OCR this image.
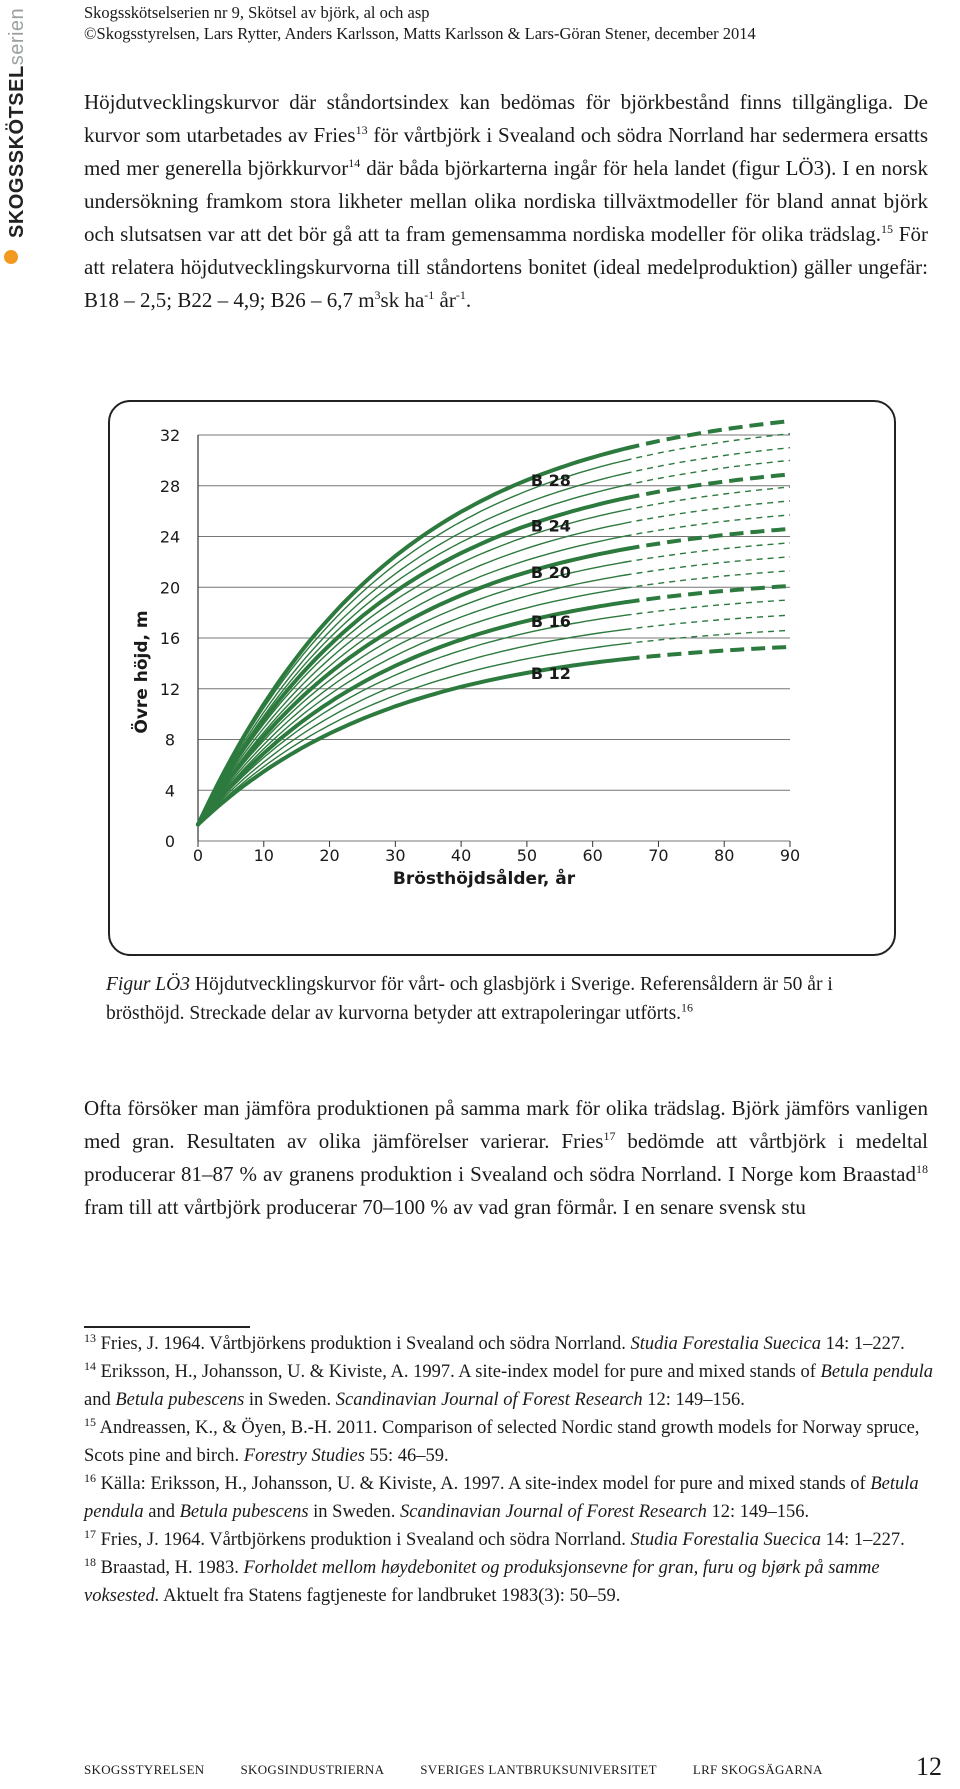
SKOGSSKÖTSELserien	Skogsskötselserien nr 9, Skötsel av björk, al och asp
©Skogsstyrelsen, Lars Rytter, Anders Karlsson, Matts Karlsson & Lars-Göran Stener, december 2014
Höjdutvecklingskurvor där ståndortsindex kan bedömas för björkbestånd finns tillgängliga. De kurvor som utarbetades av Fries$^{13}$ för vårtbjörk i Svealand och södra Norrland har sedermera ersatts med mer generella björkkurvor$^{14}$ där båda björkarterna ingår för hela landet (figur LÖ3). I en norsk undersökning framkom stora likheter mellan olika nordiska tillväxtmodeller för bland annat björk och slutsatsen var att det bör gå att ta fram gemensamma nordiska modeller för olika trädslag.$^{15}$ För att relatera höjdutvecklingskurvorna till ståndortens bonitet (ideal medelproduktion) gäller ungefär: B18 – 2,5; B22 – 4,9; B26 – 6,7 $m^3sk$ $ha^{-1}$ $år^{-1}$.
0
4
8
12
16
20
24
28
32
0	10	20	30	40	50	60	70	80	90
Brösthöjdsålder, år
Övre höjd, m	B 12
B 16
B 20
B 24
B 28
Figur LÖ3 Höjdutvecklingskurvor för vårt- och glasbjörk i Sverige. Referensåldern är 50 år i brösthöjd. Streckade delar av kurvorna betyder att extrapoleringar utförts.$^{16}$
Ofta försöker man jämföra produktionen på samma mark för olika trädslag. Björk jämförs vanligen med gran. Resultaten av olika jämförelser varierar. Fries$^{17}$ bedömde att vårtbjörk i medeltal producerar 81–87 % av granens produktion i Svealand och södra Norrland. I Norge kom Braastad$^{18}$ fram till att vårtbjörk producerar 70–100 % av vad gran förmår. I en senare svensk stu
$^{13}$ Fries, J. 1964. Vårtbjörkens produktion i Svealand och södra Norrland. Studia Forestalia Suecica 14: 1–227.
$^{14}$ Eriksson, H., Johansson, U. & Kiviste, A. 1997. A site-index model for pure and mixed stands of Betula pendula and Betula pubescens in Sweden. Scandinavian Journal of Forest Research 12: 149–156.
$^{15}$ Andreassen, K., & Öyen, B.-H. 2011. Comparison of selected Nordic stand growth models for Norway spruce, Scots pine and birch. Forestry Studies 55: 46–59.
$^{16}$ Källa: Eriksson, H., Johansson, U. & Kiviste, A. 1997. A site-index model for pure and mixed stands of Betula pendula and Betula pubescens in Sweden. Scandinavian Journal of Forest Research 12: 149–156.
$^{17}$ Fries, J. 1964. Vårtbjörkens produktion i Svealand och södra Norrland. Studia Forestalia Suecica 14: 1–227.
$^{18}$ Braastad, H. 1983. Forholdet mellom høydebonitet og produksjonsevne for gran, furu og bjørk på samme voksested. Aktuelt fra Statens fagtjeneste for landbruket 1983(3): 50–59.
SKOGSSTYRELSEN	SKOGSINDUSTRIERNA	SVERIGES LANTBRUKSUNIVERSITET	LRF SKOGSÄGARNA	12
